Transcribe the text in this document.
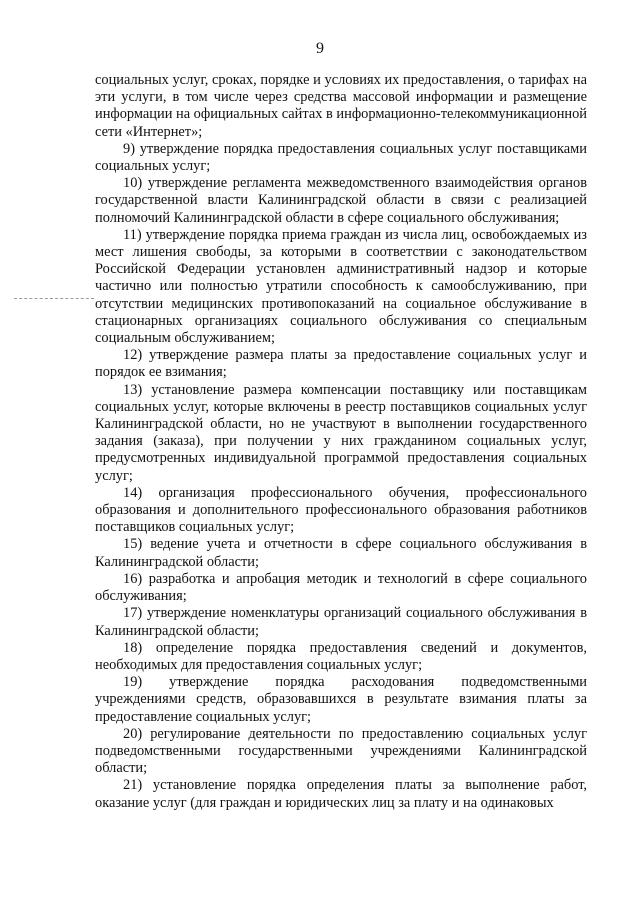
9

социальных услуг, сроках, порядке и условиях их предоставления, о тарифах на эти услуги, в том числе через средства массовой информации и размещение информации на официальных сайтах в информационно-телекоммуникационной сети «Интернет»;

9) утверждение порядка предоставления социальных услуг поставщиками социальных услуг;

10) утверждение регламента межведомственного взаимодействия органов государственной власти Калининградской области в связи с реализацией полномочий Калининградской области в сфере социального обслуживания;

11) утверждение порядка приема граждан из числа лиц, освобождаемых из мест лишения свободы, за которыми в соответствии с законодательством Российской Федерации установлен административный надзор и которые частично или полностью утратили способность к самообслуживанию, при отсутствии медицинских противопоказаний на социальное обслуживание в стационарных организациях социального обслуживания со специальным социальным обслуживанием;

12) утверждение размера платы за предоставление социальных услуг и порядок ее взимания;

13) установление размера компенсации поставщику или поставщикам социальных услуг, которые включены в реестр поставщиков социальных услуг Калининградской области, но не участвуют в выполнении государственного задания (заказа), при получении у них гражданином социальных услуг, предусмотренных индивидуальной программой предоставления социальных услуг;

14) организация профессионального обучения, профессионального образования и дополнительного профессионального образования работников поставщиков социальных услуг;

15) ведение учета и отчетности в сфере социального обслуживания в Калининградской области;

16) разработка и апробация методик и технологий в сфере социального обслуживания;

17) утверждение номенклатуры организаций социального обслуживания в Калининградской области;

18) определение порядка предоставления сведений и документов, необходимых для предоставления социальных услуг;

19) утверждение порядка расходования подведомственными учреждениями средств, образовавшихся в результате взимания платы за предоставление социальных услуг;

20) регулирование деятельности по предоставлению социальных услуг подведомственными государственными учреждениями Калининградской области;

21) установление порядка определения платы за выполнение работ, оказание услуг (для граждан и юридических лиц за плату и на одинаковых
